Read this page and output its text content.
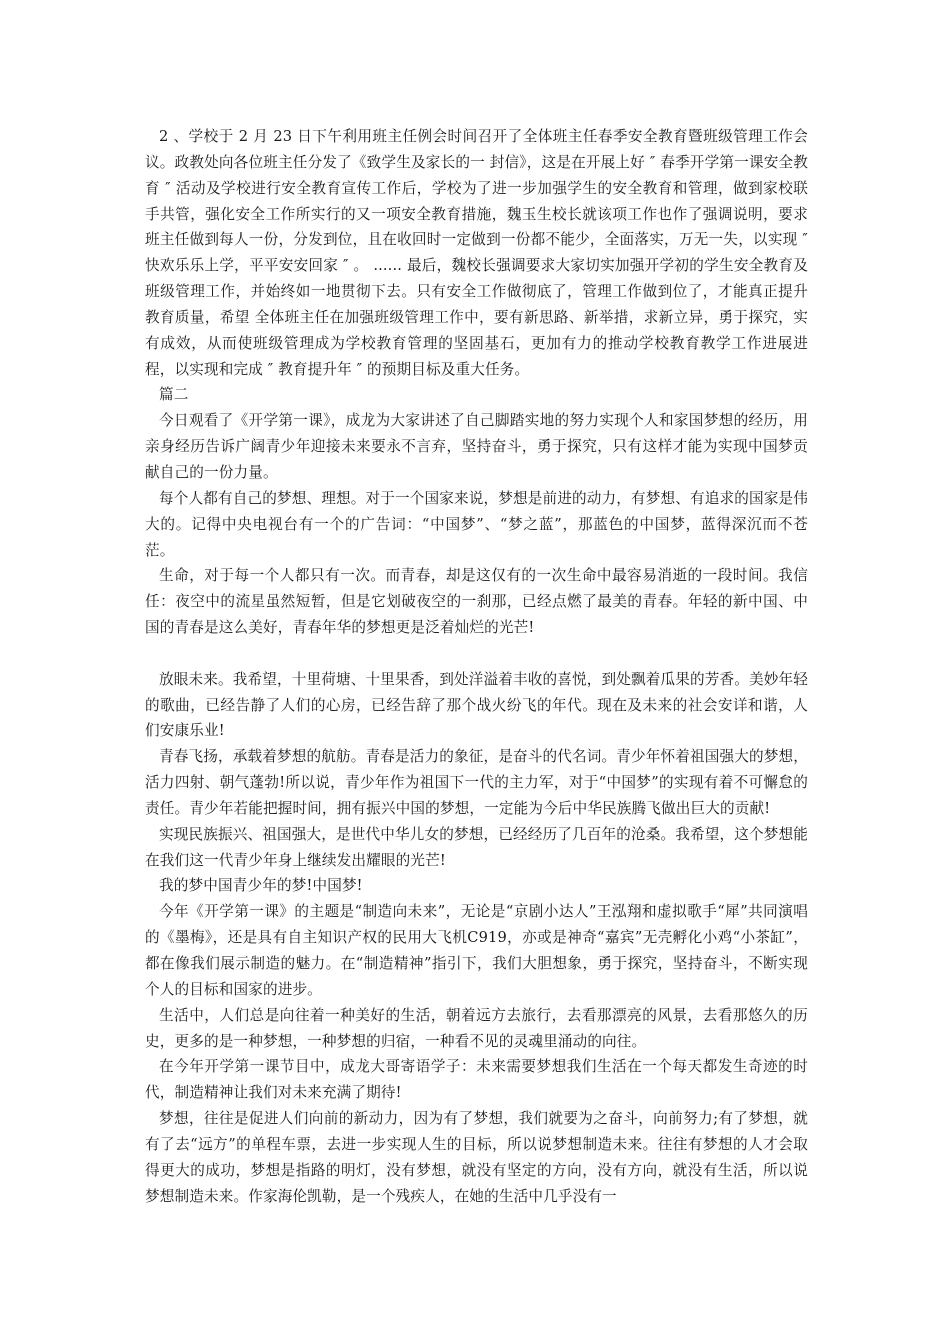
2 、学校于 2 月 23 日下午利用班主任例会时间召开了全体班主任春季安全教育暨班级管理工作会议。政教处向各位班主任分发了《致学生及家长的一 封信》，这是在开展上好 ″ 春季开学第一课安全教育 ″ 活动及学校进行安全教育宣传工作后，学校为了进一步加强学生的安全教育和管理，做到家校联手共管，强化安全工作所实行的又一项安全教育措施，魏玉生校长就该项工作也作了强调说明，要求班主任做到每人一份，分发到位，且在收回时一定做到一份都不能少，全面落实，万无一失，以实现 ″ 快欢乐乐上学，平平安安回家 ″ 。 ...... 最后，魏校长强调要求大家切实加强开学初的学生安全教育及班级管理工作，并始终如一地贯彻下去。只有安全工作做彻底了，管理工作做到位了，才能真正提升教育质量，希望 全体班主任在加强班级管理工作中，要有新思路、新举措，求新立异，勇于探究，实有成效，从而使班级管理成为学校教育管理的坚固基石，更加有力的推动学校教育教学工作进展进程，以实现和完成 ″ 教育提升年 ″ 的预期目标及重大任务。

篇二

今日观看了《开学第一课》，成龙为大家讲述了自己脚踏实地的努力实现个人和家国梦想的经历，用亲身经历告诉广阔青少年迎接未来要永不言弃，坚持奋斗，勇于探究，只有这样才能为实现中国梦贡献自己的一份力量。

每个人都有自己的梦想、理想。对于一个国家来说，梦想是前进的动力，有梦想、有追求的国家是伟大的。记得中央电视台有一个的广告词：“中国梦”、“梦之蓝”，那蓝色的中国梦，蓝得深沉而不苍茫。

生命，对于每一个人都只有一次。而青春，却是这仅有的一次生命中最容易消逝的一段时间。我信任：夜空中的流星虽然短暂，但是它划破夜空的一刹那，已经点燃了最美的青春。年轻的新中国、中国的青春是这么美好，青春年华的梦想更是泛着灿烂的光芒!

放眼未来。我希望，十里荷塘、十里果香，到处洋溢着丰收的喜悦，到处飘着瓜果的芳香。美妙年轻的歌曲，已经告静了人们的心房，已经告辞了那个战火纷飞的年代。现在及未来的社会安详和谐，人们安康乐业!

青春飞扬，承载着梦想的航舫。青春是活力的象征，是奋斗的代名词。青少年怀着祖国强大的梦想，活力四射、朝气蓬勃!所以说，青少年作为祖国下一代的主力军，对于“中国梦”的实现有着不可懈怠的责任。青少年若能把握时间，拥有振兴中国的梦想，一定能为今后中华民族腾飞做出巨大的贡献!

实现民族振兴、祖国强大，是世代中华儿女的梦想，已经经历了几百年的沧桑。我希望，这个梦想能在我们这一代青少年身上继续发出耀眼的光芒!

我的梦中国青少年的梦!中国梦!

今年《开学第一课》的主题是“制造向未来”，无论是“京剧小达人”王泓翔和虚拟歌手“犀”共同演唱的《墨梅》，还是具有自主知识产权的民用大飞机C919，亦或是神奇“嘉宾”无壳孵化小鸡“小茶缸”，都在像我们展示制造的魅力。在“制造精神”指引下，我们大胆想象，勇于探究，坚持奋斗，不断实现个人的目标和国家的进步。

生活中，人们总是向往着一种美好的生活，朝着远方去旅行，去看那漂亮的风景，去看那悠久的历史，更多的是一种梦想，一种梦想的归宿，一种看不见的灵魂里涌动的向往。

在今年开学第一课节目中，成龙大哥寄语学子：未来需要梦想我们生活在一个每天都发生奇迹的时代，制造精神让我们对未来充满了期待!

梦想，往往是促进人们向前的新动力，因为有了梦想，我们就要为之奋斗，向前努力;有了梦想，就有了去“远方”的单程车票，去进一步实现人生的目标，所以说梦想制造未来。往往有梦想的人才会取得更大的成功，梦想是指路的明灯，没有梦想，就没有坚定的方向，没有方向，就没有生活，所以说梦想制造未来。作家海伦凯勒，是一个残疾人，在她的生活中几乎没有一
